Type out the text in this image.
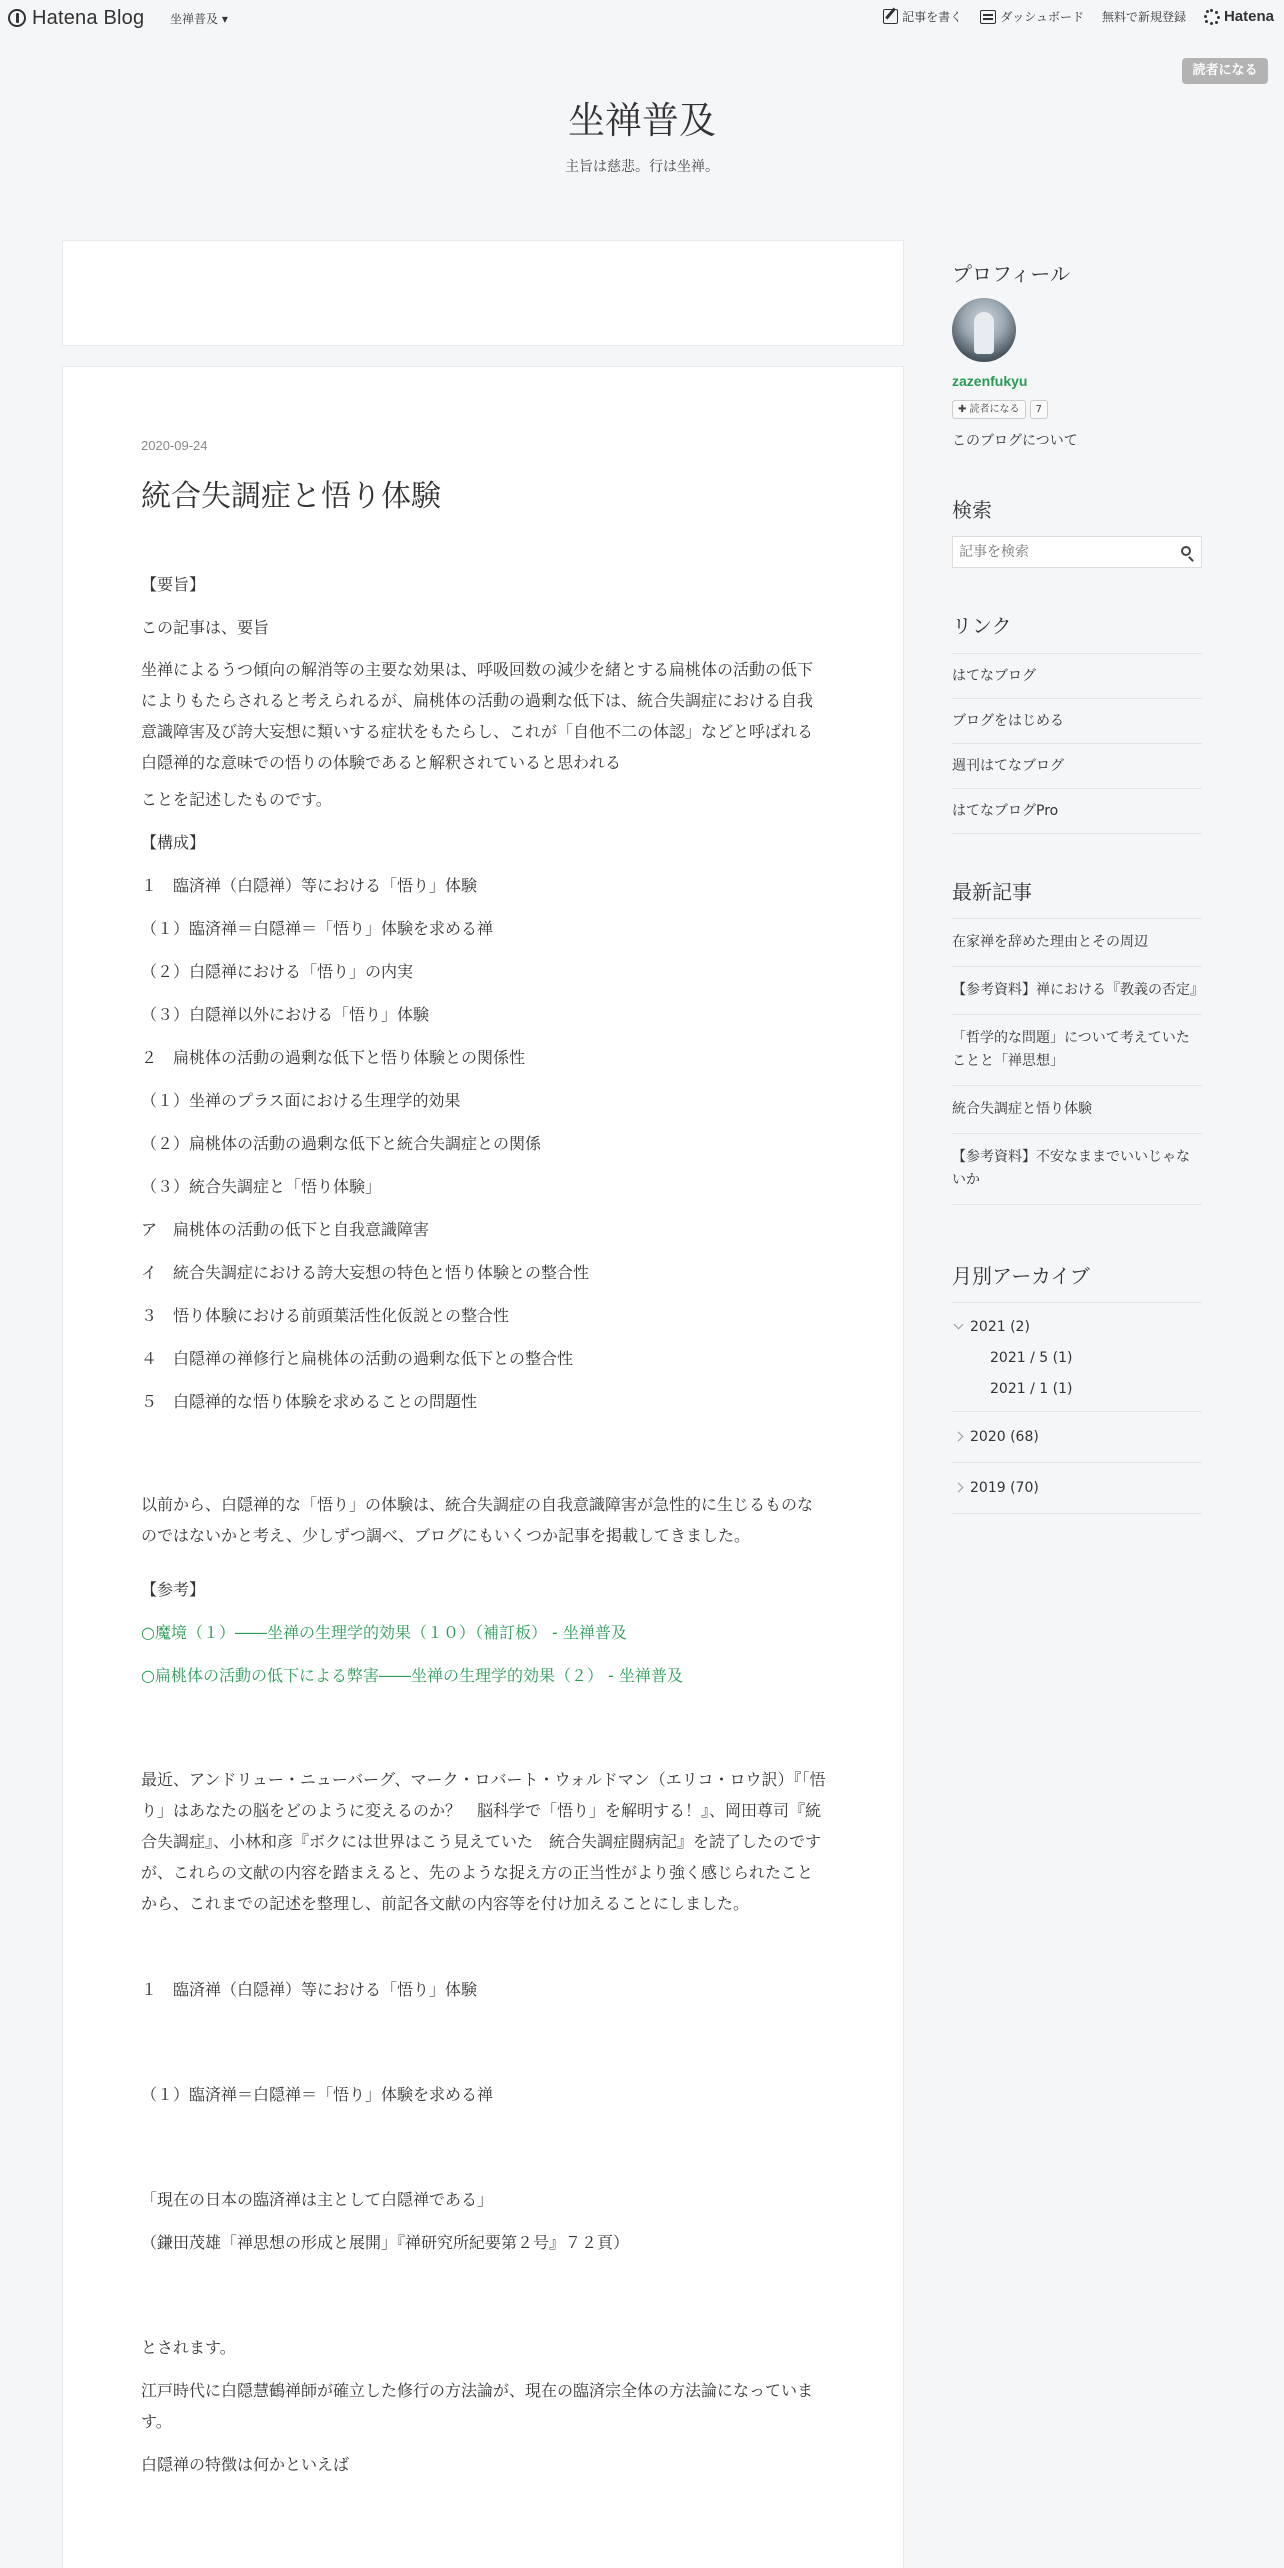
Hatena Blog 坐禅普及 ▾	記事を書く	ダッシュボード 無料で新規登録	Hatena
読者になる
坐禅普及
主旨は慈悲。行は坐禅。
2020-09-24
統合失調症と悟り体験

【要旨】

この記事は、要旨

坐禅によるうつ傾向の解消等の主要な効果は、呼吸回数の減少を緒とする扁桃体の活動の低下によりもたらされると考えられるが、扁桃体の活動の過剰な低下は、統合失調症における自我意識障害及び誇大妄想に類いする症状をもたらし、これが「自他不二の体認」などと呼ばれる白隠禅的な意味での悟りの体験であると解釈されていると思われる

ことを記述したものです。

【構成】

１　臨済禅（白隠禅）等における「悟り」体験

（１）臨済禅＝白隠禅＝「悟り」体験を求める禅

（２）白隠禅における「悟り」の内実

（３）白隠禅以外における「悟り」体験

２　扁桃体の活動の過剰な低下と悟り体験との関係性

（１）坐禅のプラス面における生理学的効果

（２）扁桃体の活動の過剰な低下と統合失調症との関係

（３）統合失調症と「悟り体験」

ア　扁桃体の活動の低下と自我意識障害

イ　統合失調症における誇大妄想の特色と悟り体験との整合性

３　悟り体験における前頭葉活性化仮説との整合性

４　白隠禅の禅修行と扁桃体の活動の過剰な低下との整合性

５　白隠禅的な悟り体験を求めることの問題性

以前から、白隠禅的な「悟り」の体験は、統合失調症の自我意識障害が急性的に生じるものなのではないかと考え、少しずつ調べ、ブログにもいくつか記事を掲載してきました。

【参考】

○魔境（１）――坐禅の生理学的効果（１０）（補訂板） - 坐禅普及

○扁桃体の活動の低下による弊害――坐禅の生理学的効果（２） - 坐禅普及

最近、アンドリュー・ニューバーグ、マーク・ロバート・ウォルドマン（エリコ・ロウ訳）『「悟り」はあなたの脳をどのように変えるのか？　脳科学で「悟り」を解明する！』、岡田尊司『統合失調症』、小林和彦『ボクには世界はこう見えていた　統合失調症闘病記』を読了したのですが、これらの文献の内容を踏まえると、先のような捉え方の正当性がより強く感じられたことから、これまでの記述を整理し、前記各文献の内容等を付け加えることにしました。

１　臨済禅（白隠禅）等における「悟り」体験

（１）臨済禅＝白隠禅＝「悟り」体験を求める禅

「現在の日本の臨済禅は主として白隠禅である」

（鎌田茂雄「禅思想の形成と展開」『禅研究所紀要第２号』７２頁）

とされます。

江戸時代に白隠慧鶴禅師が確立した修行の方法論が、現在の臨済宗全体の方法論になっています。

白隠禅の特徴は何かといえば

プロフィール
zazenfukyu
✚ 読者になる	7
このブログについて
検索
記事を検索
リンク
はてなブログ
ブログをはじめる
週刊はてなブログ
はてなブログPro
最新記事
在家禅を辞めた理由とその周辺
【参考資料】禅における『教義の否定』
「哲学的な問題」について考えていたことと「禅思想」
統合失調症と悟り体験
【参考資料】不安なままでいいじゃないか
月別アーカイブ
2021 (2)
2021 / 5 (1)
2021 / 1 (1)
2020 (68)
2019 (70)
